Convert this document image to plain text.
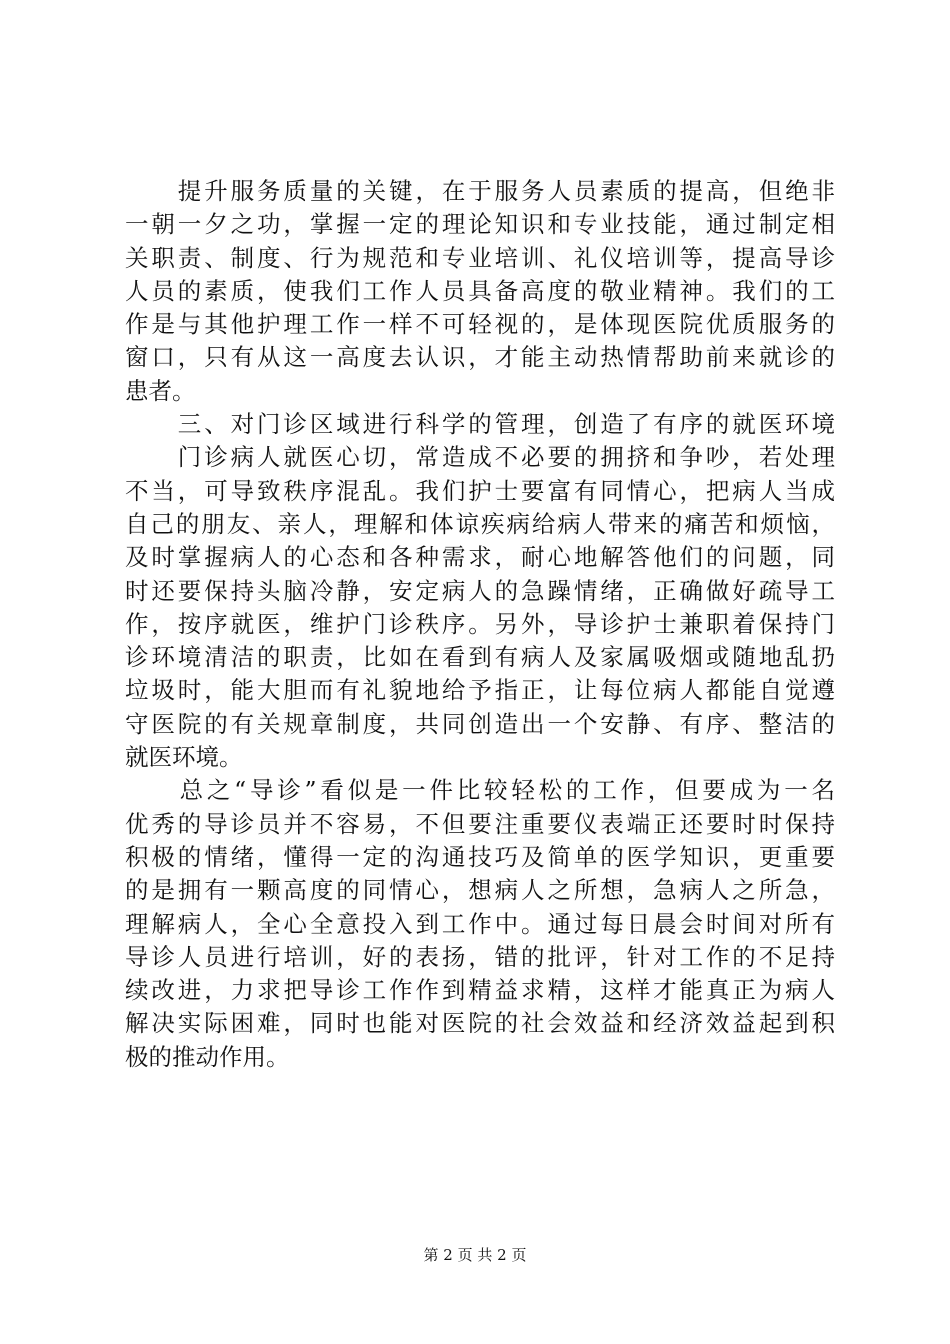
　　提升服务质量的关键，在于服务人员素质的提高，但绝非
一朝一夕之功，掌握一定的理论知识和专业技能，通过制定相
关职责、制度、行为规范和专业培训、礼仪培训等，提高导诊
人员的素质，使我们工作人员具备高度的敬业精神。我们的工
作是与其他护理工作一样不可轻视的，是体现医院优质服务的
窗口，只有从这一高度去认识，才能主动热情帮助前来就诊的
患者。
　　三、对门诊区域进行科学的管理，创造了有序的就医环境
　　门诊病人就医心切，常造成不必要的拥挤和争吵，若处理
不当，可导致秩序混乱。我们护士要富有同情心，把病人当成
自己的朋友、亲人，理解和体谅疾病给病人带来的痛苦和烦恼，
及时掌握病人的心态和各种需求，耐心地解答他们的问题，同
时还要保持头脑冷静，安定病人的急躁情绪，正确做好疏导工
作，按序就医，维护门诊秩序。另外，导诊护士兼职着保持门
诊环境清洁的职责，比如在看到有病人及家属吸烟或随地乱扔
垃圾时，能大胆而有礼貌地给予指正，让每位病人都能自觉遵
守医院的有关规章制度，共同创造出一个安静、有序、整洁的
就医环境。
　　总之“导诊”看似是一件比较轻松的工作，但要成为一名
优秀的导诊员并不容易，不但要注重要仪表端正还要时时保持
积极的情绪，懂得一定的沟通技巧及简单的医学知识，更重要
的是拥有一颗高度的同情心，想病人之所想，急病人之所急，
理解病人，全心全意投入到工作中。通过每日晨会时间对所有
导诊人员进行培训，好的表扬，错的批评，针对工作的不足持
续改进，力求把导诊工作作到精益求精，这样才能真正为病人
解决实际困难，同时也能对医院的社会效益和经济效益起到积
极的推动作用。
第 2 页 共 2 页
